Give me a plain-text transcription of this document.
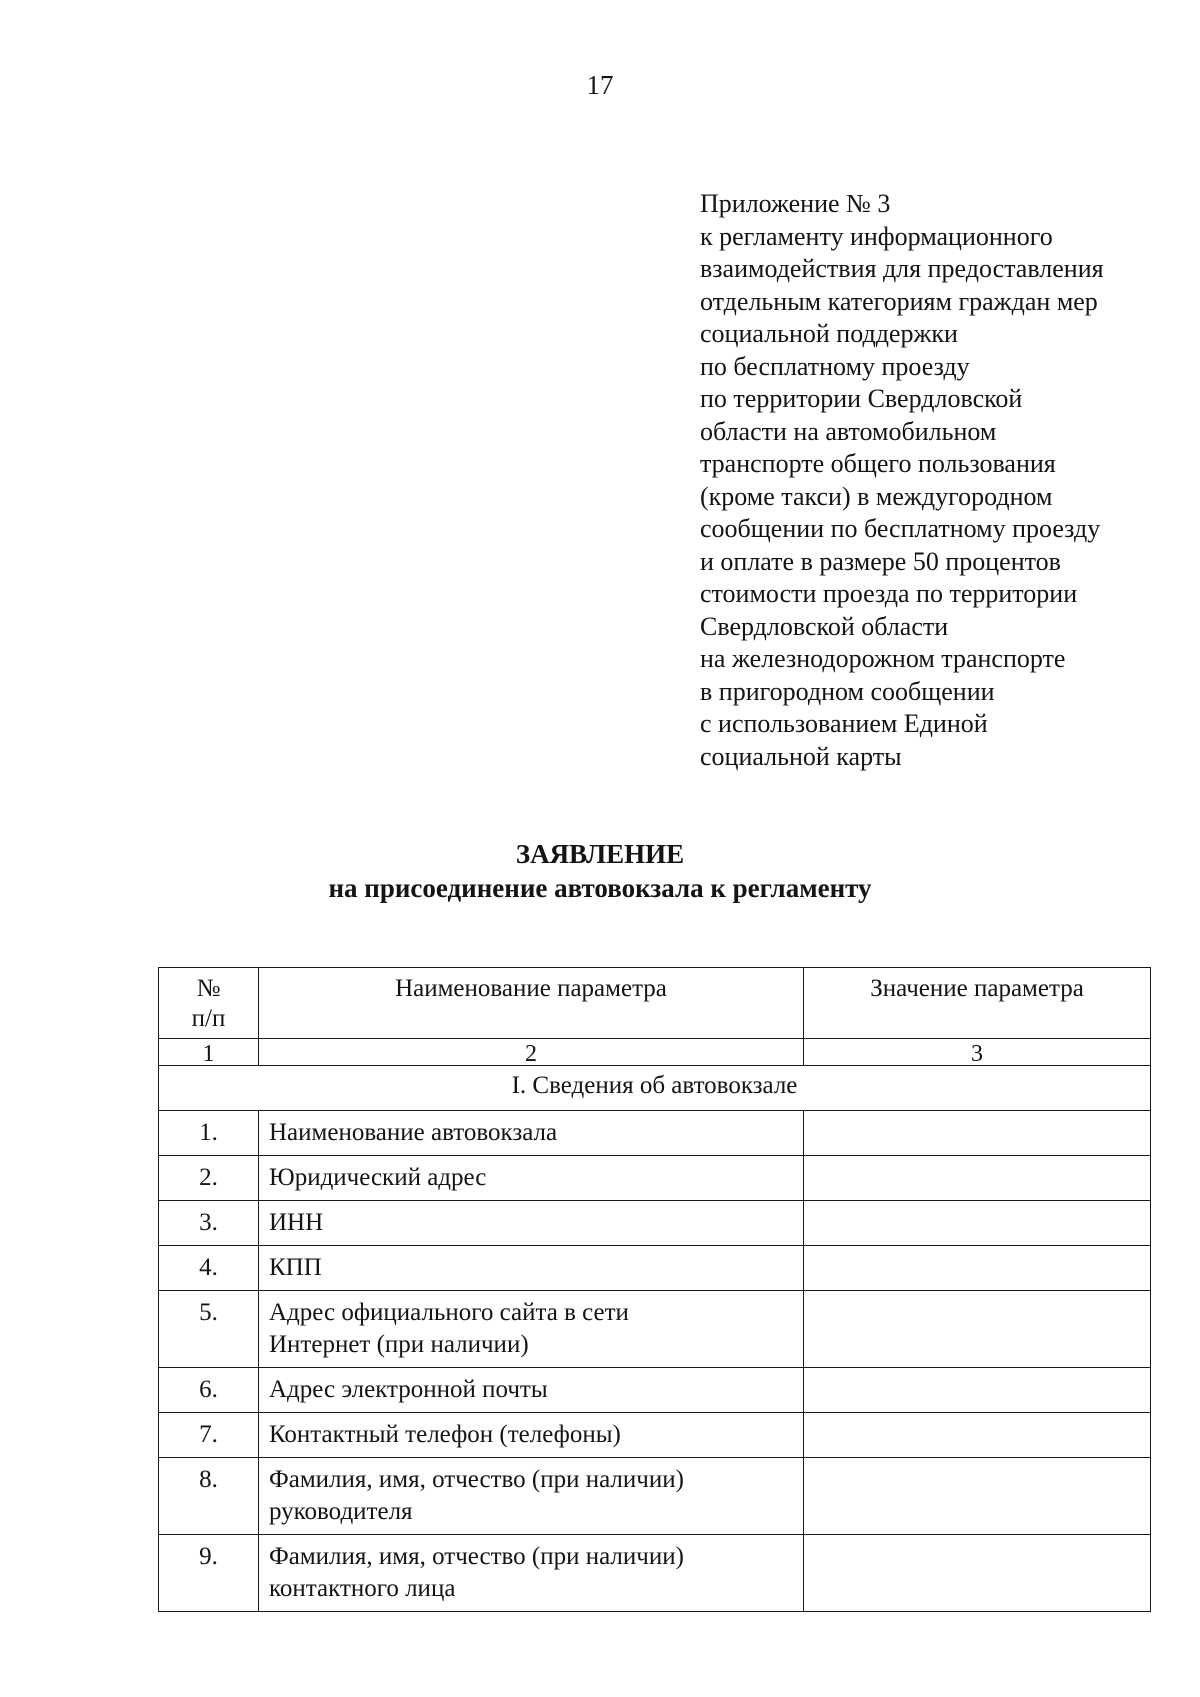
17
Приложение № 3
к регламенту информационного
взаимодействия для предоставления
отдельным категориям граждан мер
социальной поддержки
по бесплатному проезду
по территории Свердловской
области на автомобильном
транспорте общего пользования
(кроме такси) в междугородном
сообщении по бесплатному проезду
и оплате в размере 50 процентов
стоимости проезда по территории
Свердловской области
на железнодорожном транспорте
в пригородном сообщении
с использованием Единой
социальной карты
ЗАЯВЛЕНИЕ
на присоединение автовокзала к регламенту
№
п/п	Наименование параметра	Значение параметра
1	2	3
I. Сведения об автовокзале		
1.	Наименование автовокзала	

2.	Юридический адрес	

3.	ИНН	

4.	КПП	

5.	Адрес официального сайта в сети
Интернет (при наличии)	

6.	Адрес электронной почты	

7.	Контактный телефон (телефоны)	

8.	Фамилия, имя, отчество (при наличии)
руководителя	

9.	Фамилия, имя, отчество (при наличии)
контактного лица	
